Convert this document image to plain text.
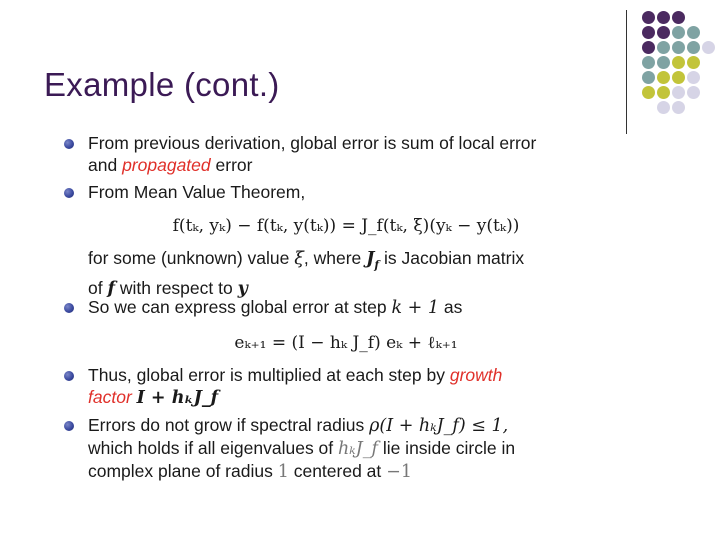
Example (cont.)
From previous derivation, global error is sum of local error
and propagated error
From Mean Value Theorem,
f(tₖ, yₖ) − f(tₖ, y(tₖ)) = J_f(tₖ, ξ)(yₖ − y(tₖ))
for some (unknown) value ξ, where $J_f$ is Jacobian matrix
of f with respect to y
So we can express global error at step k + 1 as
eₖ₊₁ = (I − hₖ J_f) eₖ + ℓₖ₊₁
Thus, global error is multiplied at each step by growth
factor I + hₖJ_f
Errors do not grow if spectral radius ρ(I + hₖJ_f) ≤ 1,
which holds if all eigenvalues of hₖJ_f lie inside circle in
complex plane of radius 1 centered at −1
